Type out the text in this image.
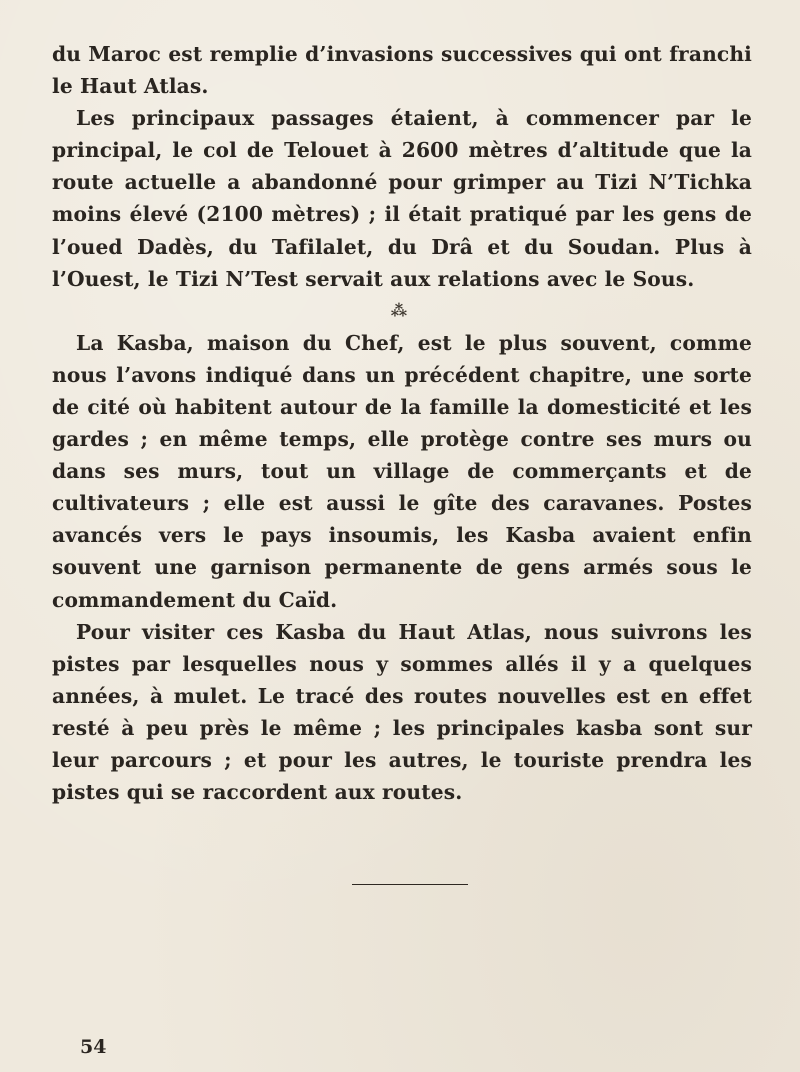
du Maroc est remplie d’invasions successives qui ont franchi le Haut Atlas.

Les principaux passages étaient, à commencer par le principal, le col de Telouet à 2600 mètres d’altitude que la route actuelle a abandonné pour grimper au Tizi N’Tichka moins élevé (2100 mètres) ; il était pratiqué par les gens de l’oued Dadès, du Tafilalet, du Drâ et du Soudan. Plus à l’Ouest, le Tizi N’Test servait aux relations avec le Sous.

⁂

La Kasba, maison du Chef, est le plus souvent, comme nous l’avons indiqué dans un précédent chapitre, une sorte de cité où habitent autour de la famille la domesticité et les gardes ; en même temps, elle protège contre ses murs ou dans ses murs, tout un village de commerçants et de cultivateurs ; elle est aussi le gîte des caravanes. Postes avancés vers le pays insoumis, les Kasba avaient enfin souvent une garnison permanente de gens armés sous le commandement du Caïd.

Pour visiter ces Kasba du Haut Atlas, nous suivrons les pistes par lesquelles nous y sommes allés il y a quelques années, à mulet. Le tracé des routes nouvelles est en effet resté à peu près le même ; les principales kasba sont sur leur parcours ; et pour les autres, le touriste prendra les pistes qui se raccordent aux routes.

54
